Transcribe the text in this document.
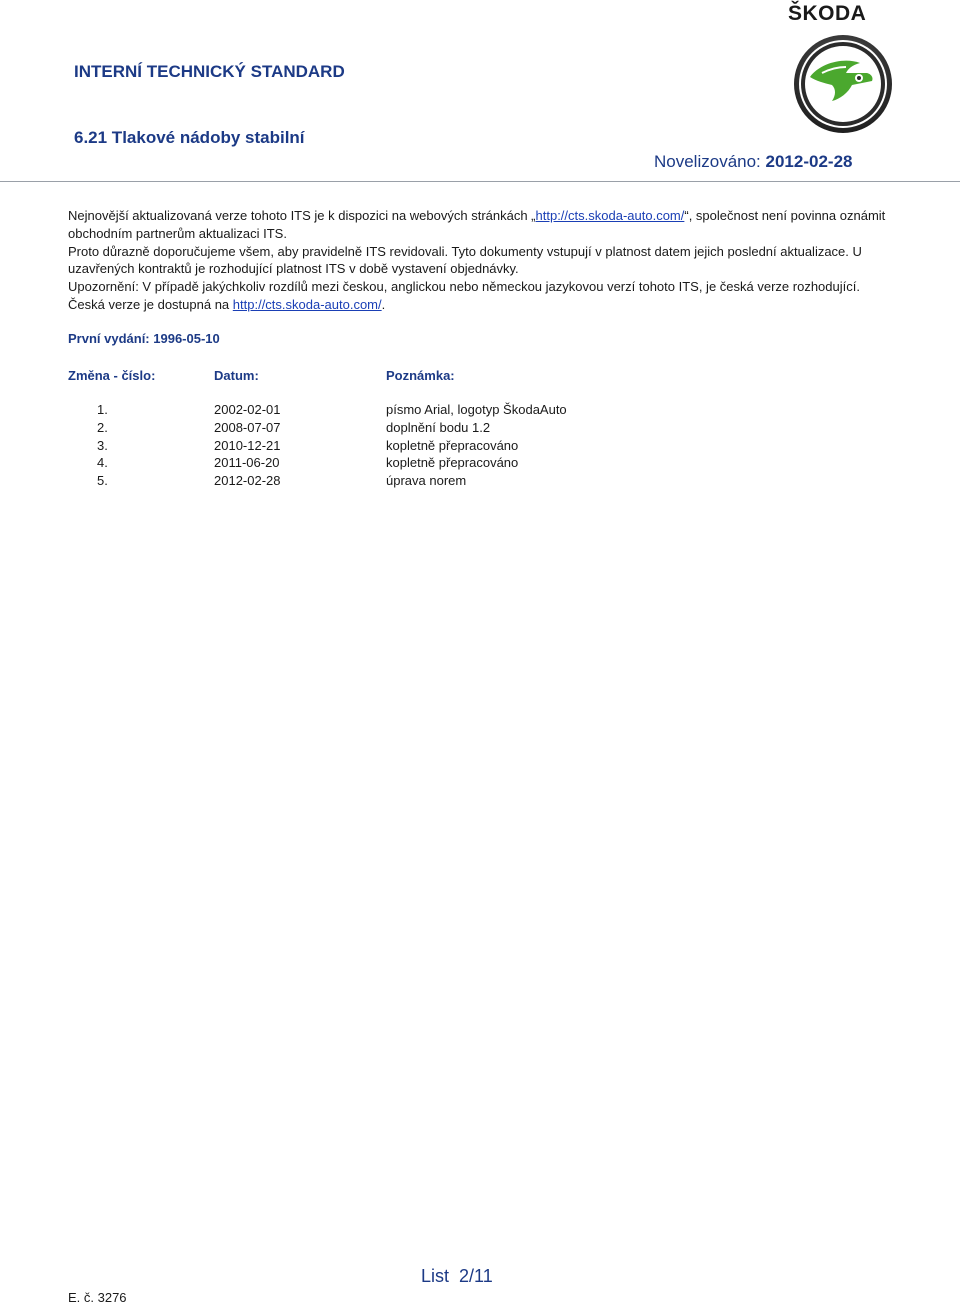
ŠKODA
INTERNÍ TECHNICKÝ STANDARD
6.21 Tlakové nádoby stabilní
Novelizováno: 2012-02-28

Nejnovější aktualizovaná verze tohoto ITS je k dispozici na webových stránkách „http://cts.skoda-auto.com/“, společnost není povinna oznámit obchodním partnerům aktualizaci ITS.

Proto důrazně doporučujeme všem, aby pravidelně ITS revidovali. Tyto dokumenty vstupují v platnost datem jejich poslední aktualizace. U uzavřených kontraktů je rozhodující platnost ITS v době vystavení objednávky.

Upozornění: V případě jakýchkoliv rozdílů mezi českou, anglickou nebo německou jazykovou verzí tohoto ITS, je česká verze rozhodující. Česká verze je dostupná na http://cts.skoda-auto.com/.

První vydání: 1996-05-10
Změna - číslo:	Datum:	Poznámka:
1.	2002-02-01	písmo Arial, logotyp ŠkodaAuto
2.	2008-07-07	doplnění bodu 1.2
3.	2010-12-21	kopletně přepracováno
4.	2011-06-20	kopletně přepracováno
5.	2012-02-28	úprava norem
List  2/11
E. č. 3276
